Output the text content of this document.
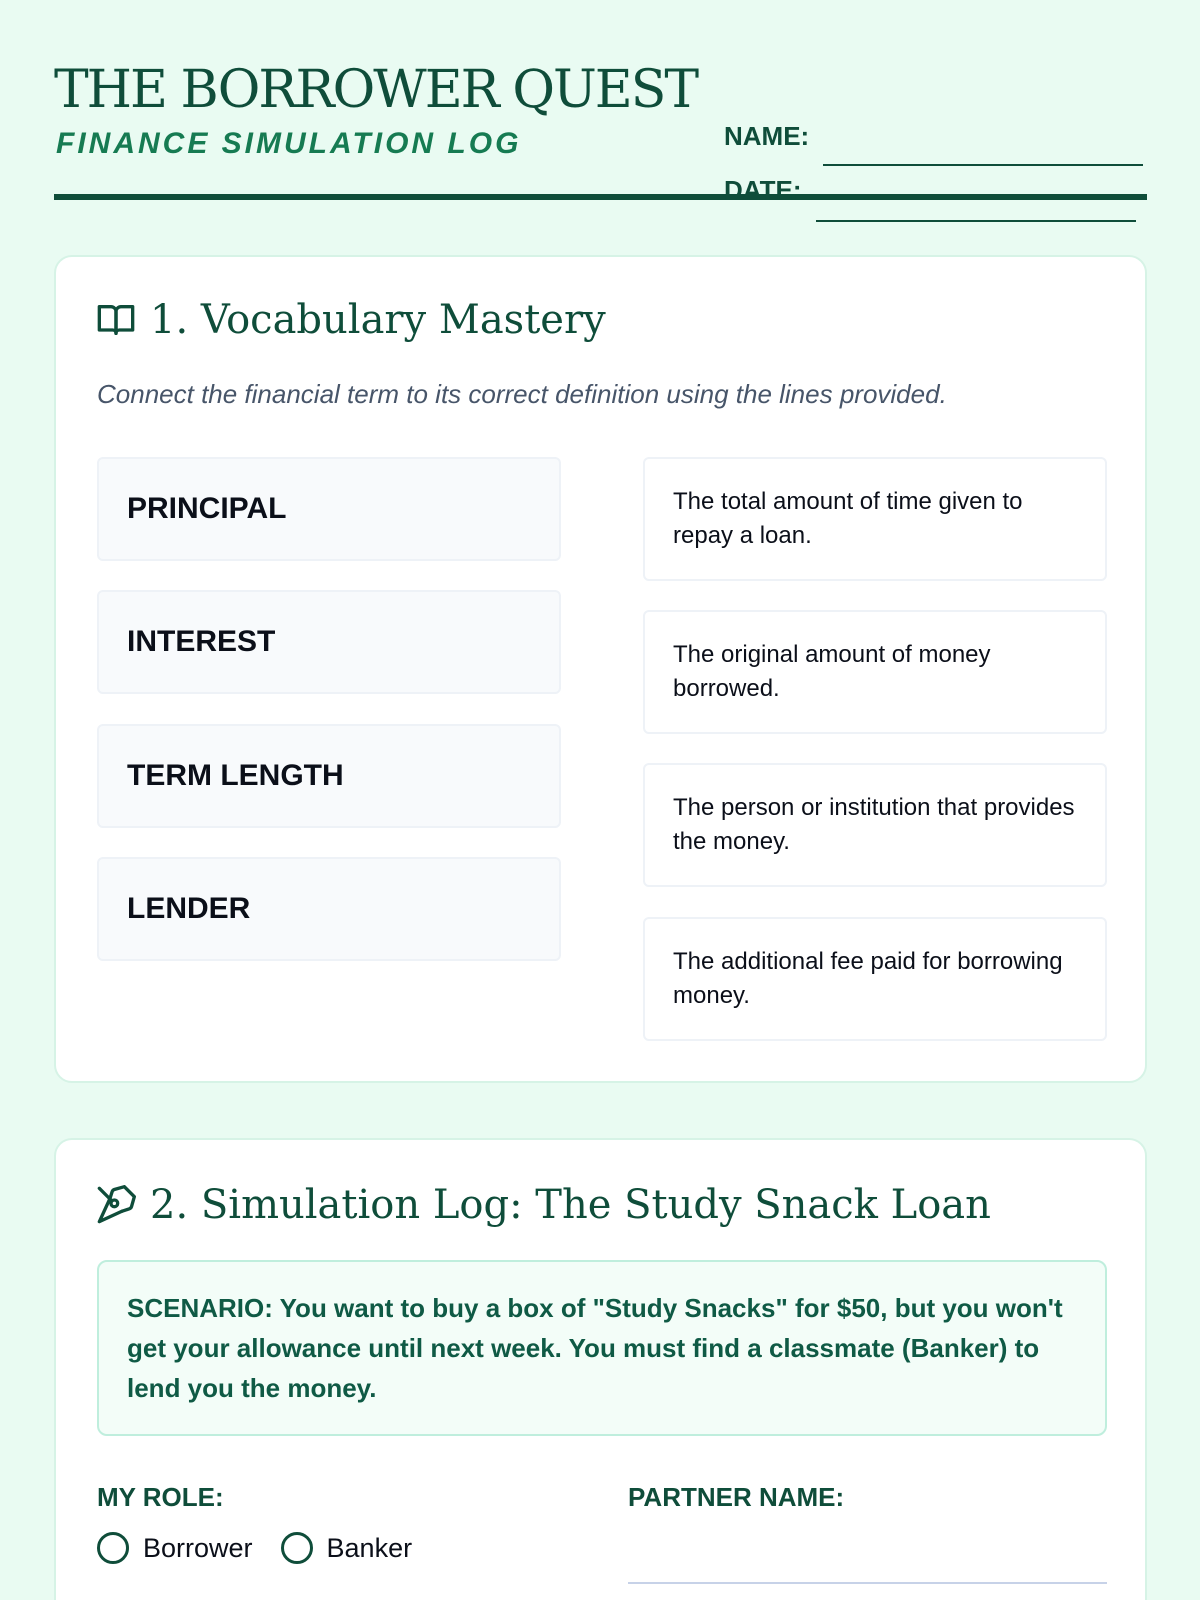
THE BORROWER QUEST
FINANCE SIMULATION LOG	NAME:
DATE:
1. Vocabulary Mastery
Connect the financial term to its correct definition using the lines provided.
PRINCIPAL
INTEREST
TERM LENGTH
LENDER
The total amount of time given to repay a loan.
The original amount of money borrowed.
The person or institution that provides the money.
The additional fee paid for borrowing money.
2. Simulation Log: The Study Snack Loan
SCENARIO: You want to buy a box of "Study Snacks" for $50, but you won't get your allowance until next week. You must find a classmate (Banker) to lend you the money.
MY ROLE:	PARTNER NAME:
Borrower	Banker
